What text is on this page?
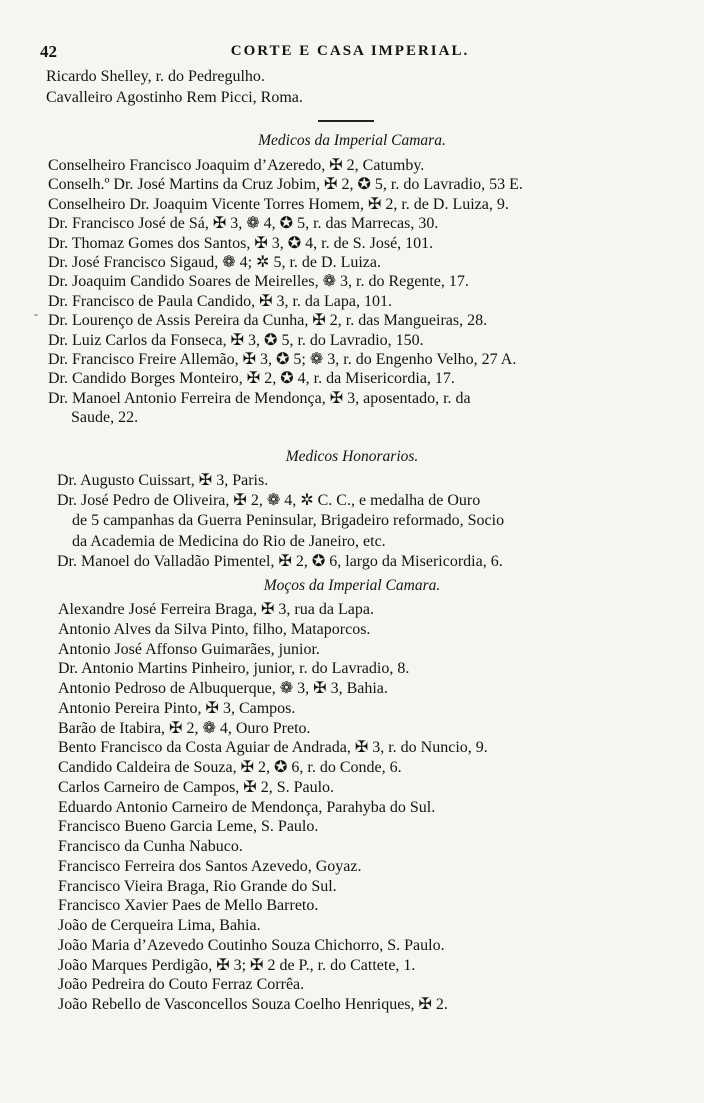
42	CORTE E CASA IMPERIAL.
Ricardo Shelley, r. do Pedregulho.
Cavalleiro Agostinho Rem Picci, Roma.
Medicos da Imperial Camara.
Conselheiro Francisco Joaquim d’Azeredo, ✠ 2, Catumby.
Conselh.º Dr. José Martins da Cruz Jobim, ✠ 2, ✪ 5, r. do Lavradio, 53 E.
Conselheiro Dr. Joaquim Vicente Torres Homem, ✠ 2, r. de D. Luiza, 9.
Dr. Francisco José de Sá, ✠ 3, ❁ 4, ✪ 5, r. das Marrecas, 30.
Dr. Thomaz Gomes dos Santos, ✠ 3, ✪ 4, r. de S. José, 101.
Dr. José Francisco Sigaud, ❁ 4; ✲ 5, r. de D. Luiza.
Dr. Joaquim Candido Soares de Meirelles, ❁ 3, r. do Regente, 17.
Dr. Francisco de Paula Candido, ✠ 3, r. da Lapa, 101.
Dr. Lourenço de Assis Pereira da Cunha, ✠ 2, r. das Mangueiras, 28.
Dr. Luiz Carlos da Fonseca, ✠ 3, ✪ 5, r. do Lavradio, 150.
Dr. Francisco Freire Allemão, ✠ 3, ✪ 5; ❁ 3, r. do Engenho Velho, 27 A.
Dr. Candido Borges Monteiro, ✠ 2, ✪ 4, r. da Misericordia, 17.
Dr. Manoel Antonio Ferreira de Mendonça, ✠ 3, aposentado, r. da
Saude, 22.
Medicos Honorarios.
Dr. Augusto Cuissart, ✠ 3, Paris.
Dr. José Pedro de Oliveira, ✠ 2, ❁ 4, ✲ C. C., e medalha de Ouro
de 5 campanhas da Guerra Peninsular, Brigadeiro reformado, Socio
da Academia de Medicina do Rio de Janeiro, etc.
Dr. Manoel do Valladão Pimentel, ✠ 2, ✪ 6, largo da Misericordia, 6.
Moços da Imperial Camara.
Alexandre José Ferreira Braga, ✠ 3, rua da Lapa.
Antonio Alves da Silva Pinto, filho, Mataporcos.
Antonio José Affonso Guimarães, junior.
Dr. Antonio Martins Pinheiro, junior, r. do Lavradio, 8.
Antonio Pedroso de Albuquerque, ❁ 3, ✠ 3, Bahia.
Antonio Pereira Pinto, ✠ 3, Campos.
Barão de Itabira, ✠ 2, ❁ 4, Ouro Preto.
Bento Francisco da Costa Aguiar de Andrada, ✠ 3, r. do Nuncio, 9.
Candido Caldeira de Souza, ✠ 2, ✪ 6, r. do Conde, 6.
Carlos Carneiro de Campos, ✠ 2, S. Paulo.
Eduardo Antonio Carneiro de Mendonça, Parahyba do Sul.
Francisco Bueno Garcia Leme, S. Paulo.
Francisco da Cunha Nabuco.
Francisco Ferreira dos Santos Azevedo, Goyaz.
Francisco Vieira Braga, Rio Grande do Sul.
Francisco Xavier Paes de Mello Barreto.
João de Cerqueira Lima, Bahia.
João Maria d’Azevedo Coutinho Souza Chichorro, S. Paulo.
João Marques Perdigão, ✠ 3; ✠ 2 de P., r. do Cattete, 1.
João Pedreira do Couto Ferraz Corrêa.
João Rebello de Vasconcellos Souza Coelho Henriques, ✠ 2.
-
